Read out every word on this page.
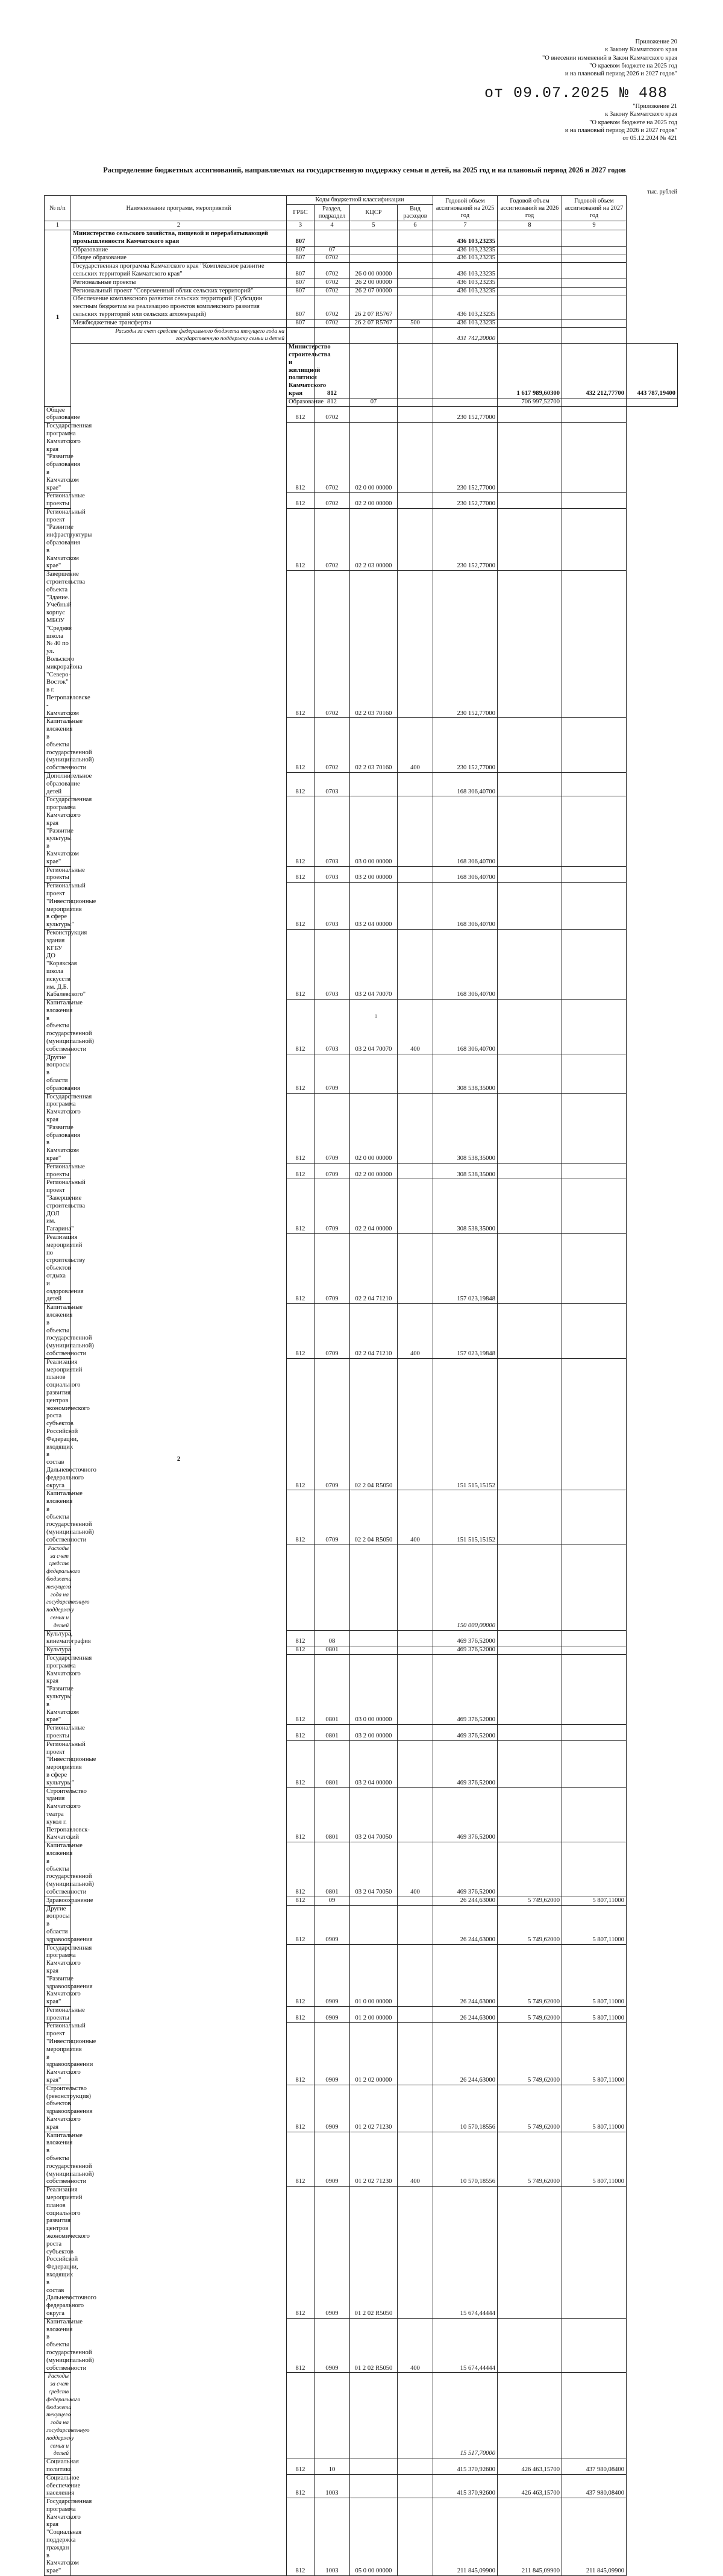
Приложение 20
к Закону Камчатского края
"О внесении изменений в Закон Камчатского края
"О краевом бюджете на 2025 год
и на плановый период 2026 и 2027 годов"
от 09.07.2025 № 488
"Приложение 21
к Закону Камчатского края
"О краевом бюджете на 2025 год
и на плановый период 2026 и 2027 годов"
от 05.12.2024 № 421
Распределение бюджетных ассигнований, направляемых на государственную поддержку семьи и детей, на 2025 год и на плановый период 2026 и 2027 годов
тыс. рублей
№ п/п	Наименование программ, мероприятий	Коды бюджетной классификации				Годовой объем ассигнований на 2025 год	Годовой объем ассигнований на 2026 год	Годовой объем ассигнований на 2027 год	
		ГРБС	Раздел, подраздел	КЦСР	Вид расходов				
1	2	3	4	5	6	7	8	9	
1	Министерство сельского хозяйства, пищевой и перерабатывающей промышленности Камчатского края	807				436 103,23235			
	Образование	807	07			436 103,23235			
	Общее образование	807	0702			436 103,23235			
	Государственная программа Камчатского края "Комплексное развитие сельских территорий Камчатского края"	807	0702	26 0 00 00000		436 103,23235			
	Региональные проекты	807	0702	26 2 00 00000		436 103,23235			
	Региональный проект "Современный облик сельских территорий"	807	0702	26 2 07 00000		436 103,23235			
	Обеспечение комплексного развития сельских территорий (Субсидии местным бюджетам на реализацию проектов комплексного развития сельских территорий или сельских агломераций)	807	0702	26 2 07 R5767		436 103,23235			
	Межбюджетные трансферты	807	0702	26 2 07 R5767	500	436 103,23235			
	Расходы за счет средств федерального бюджета текущего года на государственную поддержку семьи и детей					431 742,20000			
	2	Министерство строительства и жилищной политики Камчатского края	812				1 617 989,60300	432 212,77700	443 787,19400
		Образование	812	07			706 997,52700		
Общее образование		812	0702			230 152,77000			
Государственная программа Камчатского края "Развитие образования в Камчатском крае"		812	0702	02 0 00 00000		230 152,77000			
Региональные проекты		812	0702	02 2 00 00000		230 152,77000			
Региональный проект "Развитие инфраструктуры образования в Камчатском крае"		812	0702	02 2 03 00000		230 152,77000			
Завершение строительства объекта "Здание. Учебный корпус МБОУ "Средняя школа № 40 по ул. Вольского микрорайона "Северо-Восток" в г. Петропавловске - Камчатском		812	0702	02 2 03 70160		230 152,77000			
Капитальные вложения в объекты государственной (муниципальной) собственности		812	0702	02 2 03 70160	400	230 152,77000			
Дополнительное образование детей		812	0703			168 306,40700			
Государственная программа Камчатского края "Развитие культуры в Камчатском крае"		812	0703	03 0 00 00000		168 306,40700			
Региональные проекты		812	0703	03 2 00 00000		168 306,40700			
Региональный проект "Инвестиционные мероприятия в сфере культуры"		812	0703	03 2 04 00000		168 306,40700			
Реконструкция здания КГБУ ДО "Корякская школа искусств им. Д.Б. Кабалевского"		812	0703	03 2 04 70070		168 306,40700			
Капитальные вложения в объекты государственной (муниципальной) собственности		812	0703	03 2 04 70070	400	168 306,40700			
Другие вопросы в области образования		812	0709			308 538,35000			
Государственная программа Камчатского края "Развитие образования в Камчатском крае"		812	0709	02 0 00 00000		308 538,35000			
Региональные проекты		812	0709	02 2 00 00000		308 538,35000			
Региональный проект "Завершение строительства ДОЛ им. Гагарина"		812	0709	02 2 04 00000		308 538,35000			
Реализация мероприятий по строительству объектов отдыха и оздоровления детей		812	0709	02 2 04 71210		157 023,19848			
Капитальные вложения в объекты государственной (муниципальной) собственности		812	0709	02 2 04 71210	400	157 023,19848			
Реализация мероприятий планов социального развития центров экономического роста субъектов Российской Федерации, входящих в состав Дальневосточного федерального округа		812	0709	02 2 04 R5050		151 515,15152			
Капитальные вложения в объекты государственной (муниципальной) собственности		812	0709	02 2 04 R5050	400	151 515,15152			
Расходы за счет средств федерального бюджета текущего года на государственную поддержку семьи и детей						150 000,00000			
Культура, кинематография		812	08			469 376,52000			
Культура		812	0801			469 376,52000			
Государственная программа Камчатского края "Развитие культуры в Камчатском крае"		812	0801	03 0 00 00000		469 376,52000			
Региональные проекты		812	0801	03 2 00 00000		469 376,52000			
Региональный проект "Инвестиционные мероприятия в сфере культуры"		812	0801	03 2 04 00000		469 376,52000			
Строительство здания Камчатского театра кукол г. Петропавловск-Камчатский		812	0801	03 2 04 70050		469 376,52000			
Капитальные вложения в объекты государственной (муниципальной) собственности		812	0801	03 2 04 70050	400	469 376,52000			
Здравоохранение		812	09			26 244,63000	5 749,62000	5 807,11000	
Другие вопросы в области здравоохранения		812	0909			26 244,63000	5 749,62000	5 807,11000	
Государственная программа Камчатского края "Развитие здравоохранения Камчатского края"		812	0909	01 0 00 00000		26 244,63000	5 749,62000	5 807,11000	
Региональные проекты		812	0909	01 2 00 00000		26 244,63000	5 749,62000	5 807,11000	
Региональный проект "Инвестиционные мероприятия в здравоохранении Камчатского края"		812	0909	01 2 02 00000		26 244,63000	5 749,62000	5 807,11000	
Строительство (реконструкция) объектов здравоохранения Камчатского края		812	0909	01 2 02 71230		10 570,18556	5 749,62000	5 807,11000	
Капитальные вложения в объекты государственной (муниципальной) собственности		812	0909	01 2 02 71230	400	10 570,18556	5 749,62000	5 807,11000	
Реализация мероприятий планов социального развития центров экономического роста субъектов Российской Федерации, входящих в состав Дальневосточного федерального округа		812	0909	01 2 02 R5050		15 674,44444			
Капитальные вложения в объекты государственной (муниципальной) собственности		812	0909	01 2 02 R5050	400	15 674,44444			
Расходы за счет средств федерального бюджета текущего года на государственную поддержку семьи и детей						15 517,70000			
Социальная политика		812	10			415 370,92600	426 463,15700	437 980,08400	
Социальное обеспечение населения		812	1003			415 370,92600	426 463,15700	437 980,08400	
Государственная программа Камчатского края "Социальная поддержка граждан в Камчатском крае"		812	1003	05 0 00 00000		211 845,09900	211 845,09900	211 845,09900	
1
